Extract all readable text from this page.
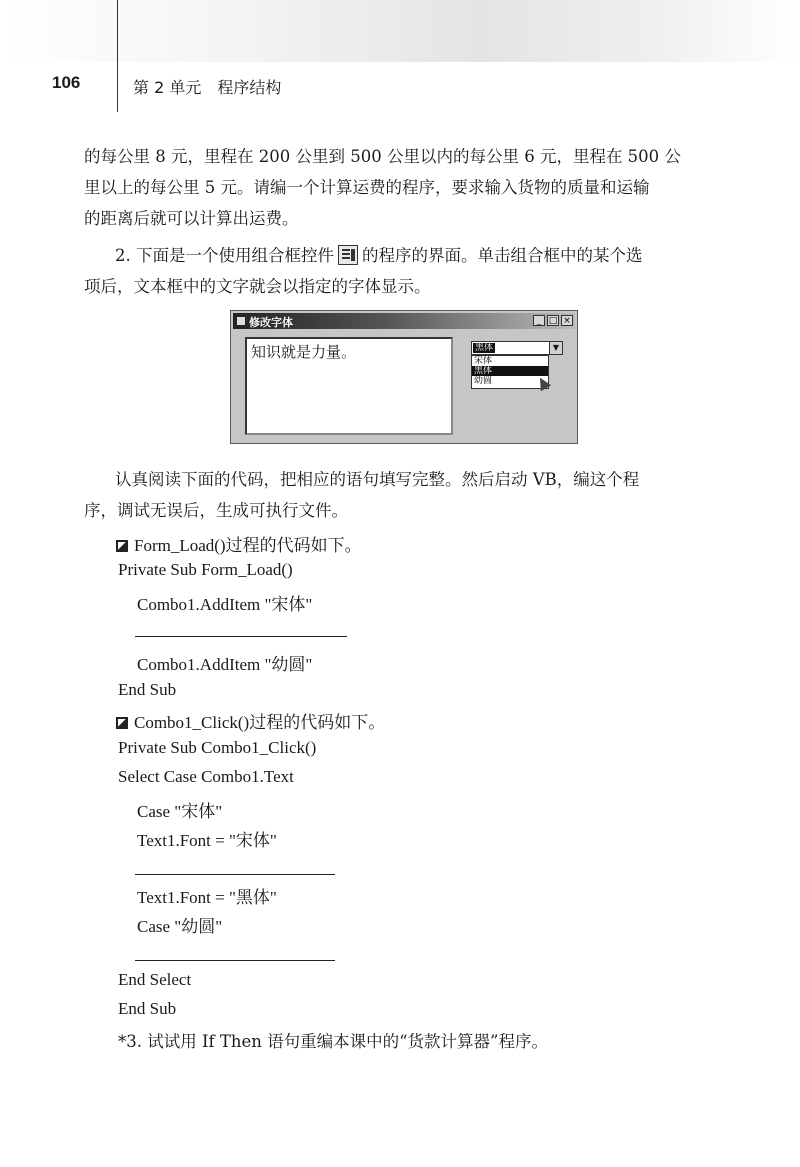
106	第 2 单元　程序结构
的每公里 8 元，里程在 200 公里到 500 公里以内的每公里 6 元，里程在 500 公
里以上的每公里 5 元。请编一个计算运费的程序，要求输入货物的质量和运输
的距离后就可以计算出运费。
2. 下面是一个使用组合框控件 的程序的界面。单击组合框中的某个选
项后，文本框中的文字就会以指定的字体显示。
修改字体	_ □ ×
知识就是力量。	黑体	▼
宋体
黑体
幼圆
认真阅读下面的代码，把相应的语句填写完整。然后启动 VB，编这个程
序，调试无误后，生成可执行文件。
Form_Load()过程的代码如下。
Private Sub Form_Load()
Combo1.AddItem "宋体"
Combo1.AddItem "幼圆"
End Sub
Combo1_Click()过程的代码如下。
Private Sub Combo1_Click()
Select Case Combo1.Text
Case "宋体"
Text1.Font = "宋体"
Text1.Font = "黑体"
Case "幼圆"
End Select
End Sub
*3. 试试用 If Then 语句重编本课中的“货款计算器”程序。
